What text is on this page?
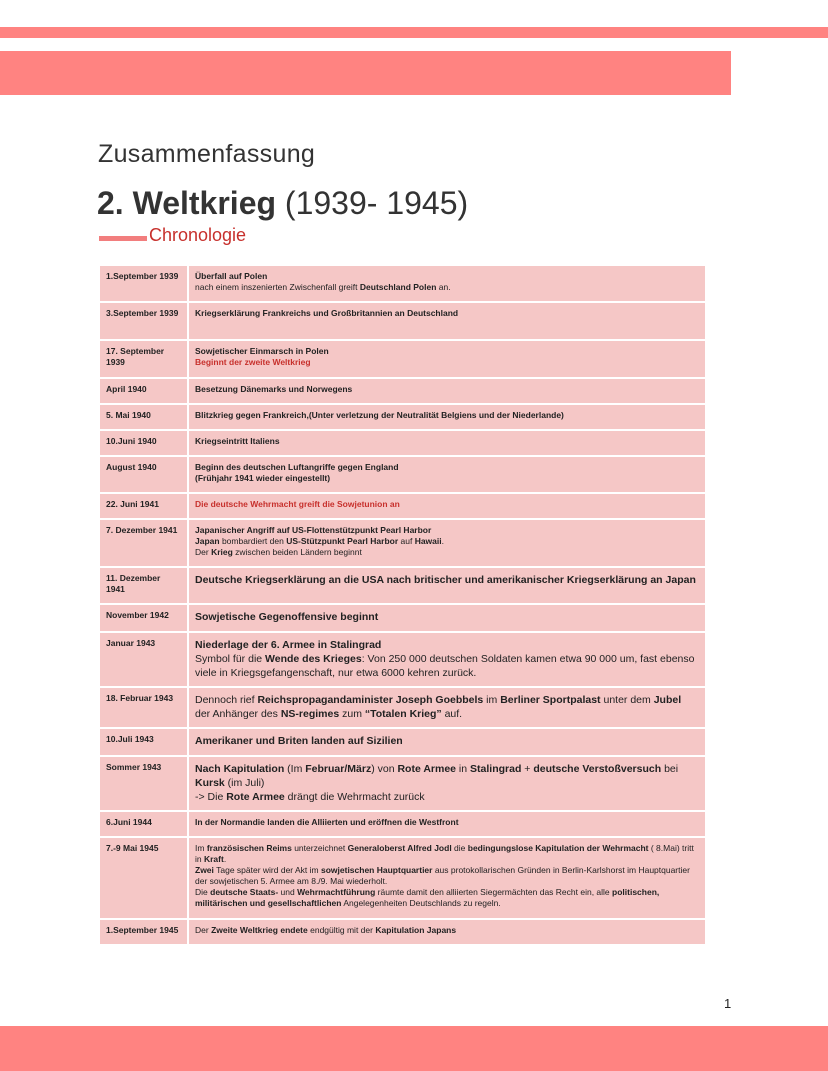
Zusammenfassung
2. Weltkrieg (1939- 1945)
Chronologie
1.September 1939	Überfall auf Polen
nach einem inszenierten Zwischenfall greift Deutschland Polen an.
3.September 1939	Kriegserklärung Frankreichs und Großbritannien an Deutschland
17. September 1939	Sowjetischer Einmarsch in Polen
Beginnt der zweite Weltkrieg
April 1940	Besetzung Dänemarks und Norwegens
5. Mai 1940	Blitzkrieg gegen Frankreich,(Unter verletzung der Neutralität Belgiens und der Niederlande)
10.Juni 1940	Kriegseintritt Italiens
August 1940	Beginn des deutschen Luftangriffe gegen England
(Frühjahr 1941 wieder eingestellt)
22. Juni 1941	Die deutsche Wehrmacht greift die Sowjetunion an
7. Dezember 1941	Japanischer Angriff auf US-Flottenstützpunkt Pearl Harbor
Japan bombardiert den US-Stützpunkt Pearl Harbor auf Hawaii.
Der Krieg zwischen beiden Ländern beginnt
11. Dezember 1941	Deutsche Kriegserklärung an die USA nach britischer und amerikanischer Kriegserklärung an Japan
November 1942	Sowjetische Gegenoffensive beginnt
Januar 1943	Niederlage der 6. Armee in Stalingrad
Symbol für die Wende des Krieges: Von 250 000 deutschen Soldaten kamen etwa 90 000 um, fast ebenso viele in Kriegsgefangenschaft, nur etwa 6000 kehren zurück.
18. Februar 1943	Dennoch rief Reichspropagandaminister Joseph Goebbels im Berliner Sportpalast unter dem Jubel der Anhänger des NS-regimes zum “Totalen Krieg” auf.
10.Juli 1943	Amerikaner und Briten landen auf Sizilien
Sommer 1943	Nach Kapitulation (Im Februar/März) von Rote Armee in Stalingrad + deutsche Verstoßversuch bei Kursk (im Juli)
-> Die Rote Armee drängt die Wehrmacht zurück
6.Juni 1944	In der Normandie landen die Alliierten und eröffnen die Westfront
7.-9 Mai 1945	Im französischen Reims unterzeichnet Generaloberst Alfred Jodl die bedingungslose Kapitulation der Wehrmacht ( 8.Mai) tritt in Kraft.
Zwei Tage später wird der Akt im sowjetischen Hauptquartier aus protokollarischen Gründen in Berlin-Karlshorst im Hauptquartier der sowjetischen 5. Armee am 8./9. Mai wiederholt.
Die deutsche Staats- und Wehrmachtführung räumte damit den alliierten Siegermächten das Recht ein, alle politischen, militärischen und gesellschaftlichen Angelegenheiten Deutschlands zu regeln.
1.September 1945	Der Zweite Weltkrieg endete endgültig mit der Kapitulation Japans
1
